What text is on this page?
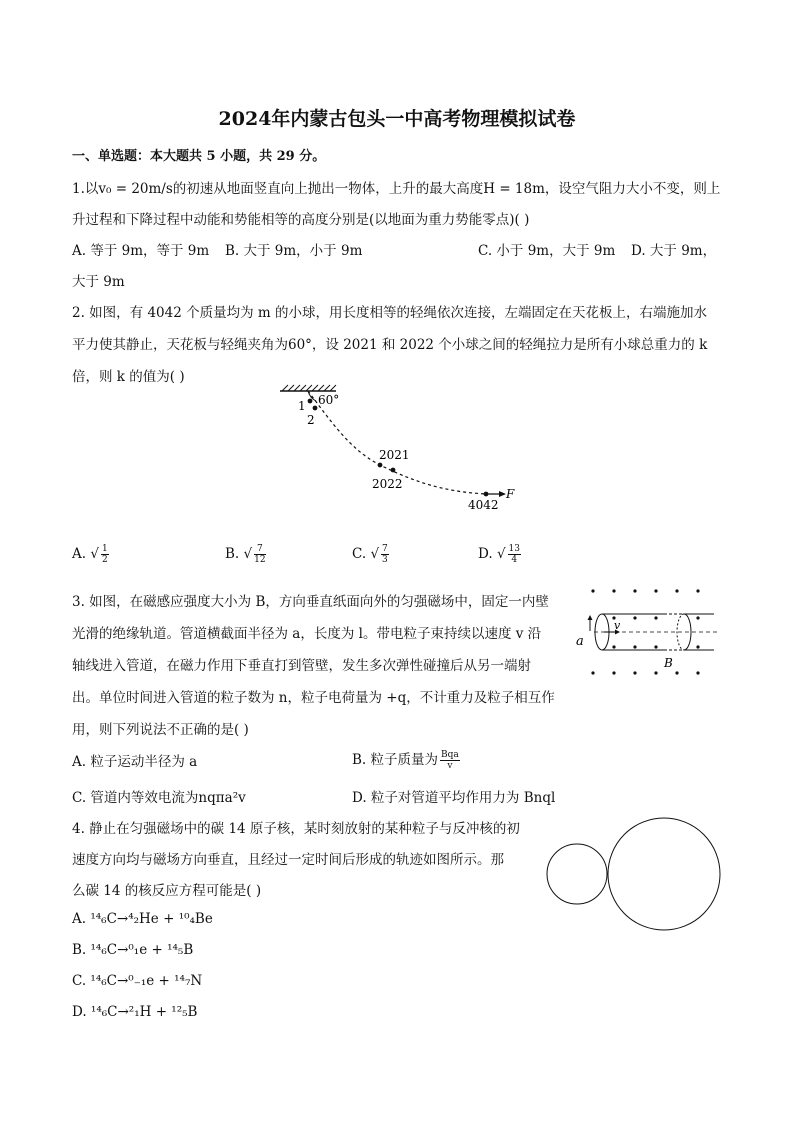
2024年内蒙古包头一中高考物理模拟试卷
一、单选题：本大题共 5 小题，共 29 分。
1.以v₀ = 20m/s的初速从地面竖直向上抛出一物体，上升的最大高度H = 18m，设空气阻力大小不变，则上
升过程和下降过程中动能和势能相等的高度分别是(以地面为重力势能零点)( )
A. 等于 9m，等于 9m B. 大于 9m，小于 9m	C. 小于 9m，大于 9m D. 大于 9m，
大于 9m
2. 如图，有 4042 个质量均为 m 的小球，用长度相等的轻绳依次连接，左端固定在天花板上，右端施加水
平力使其静止，天花板与轻绳夹角为60°，设 2021 和 2022 个小球之间的轻绳拉力是所有小球总重力的 k
倍，则 k 的值为( )
1
2
60°
2021
2022
4042
F
A. √ $\frac{1}{2}$	B. √ $\frac{7}{12}$	C. √ $\frac{7}{3}$	D. √ $\frac{13}{4}$
3. 如图，在磁感应强度大小为 B，方向垂直纸面向外的匀强磁场中，固定一内壁
光滑的绝缘轨道。管道横截面半径为 a，长度为 l。带电粒子束持续以速度 v 沿
轴线进入管道，在磁力作用下垂直打到管壁，发生多次弹性碰撞后从另一端射
出。单位时间进入管道的粒子数为 n，粒子电荷量为 +q，不计重力及粒子相互作
用，则下列说法不正确的是( )
a
v
B
A. 粒子运动半径为 a	B. 粒子质量为 $\frac{\text{Bqa}}{v}$
C. 管道内等效电流为nqπa²v	D. 粒子对管道平均作用力为 Bnql
4. 静止在匀强磁场中的碳 14 原子核，某时刻放射的某种粒子与反冲核的初
速度方向均与磁场方向垂直，且经过一定时间后形成的轨迹如图所示。那
么碳 14 的核反应方程可能是( )
A. ¹⁴₆C→⁴₂He + ¹⁰₄Be
B. ¹⁴₆C→⁰₁e + ¹⁴₅B
C. ¹⁴₆C→⁰₋₁e + ¹⁴₇N
D. ¹⁴₆C→²₁H + ¹²₅B
